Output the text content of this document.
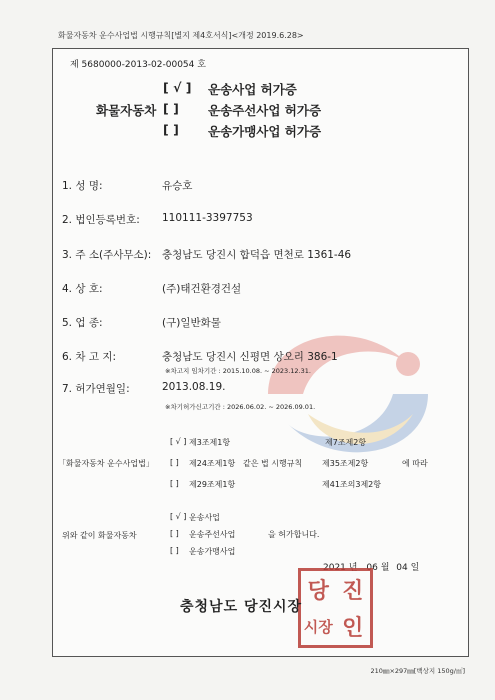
화물자동차 운수사업법 시행규칙[별지 제4호서식]<개정 2019.6.28>
제 5680000-2013-02-00054 호
화물자동차
[ √ ] 운송사업 허가증
[ ] 운송주선사업 허가증
[ ] 운송가맹사업 허가증
1. 성 명:	유승호
2. 법인등록번호: 110111-3397753
3. 주 소(주사무소): 충청남도 당진시 합덕읍 면천로 1361-46
4. 상 호:	(주)태건환경건설
5. 업 종:	(구)일반화물
6. 차 고 지:	충청남도 당진시 신평면 상오리 386-1
※차고지 임차기간 : 2015.10.08. ~ 2023.12.31.
7. 허가연월일:	2013.08.19.
※차기허가신고기간 : 2026.06.02. ~ 2026.09.01.
「화물자동차 운수사업법」
[ √ ] 제3조제1항
[ ] 제24조제1항
[ ] 제29조제1항
같은 법 시행규칙
제7조제2항
제35조제2항
제41조의3제2항
에 따라
위와 같이 화물자동차
[ √ ] 운송사업
[ ] 운송주선사업
[ ] 운송가맹사업
을 허가합니다.
2021 년 06 월 04 일
당 진
시장 인
충청남도 당진시장
210㎜×297㎜[백상지 150g/㎡]
